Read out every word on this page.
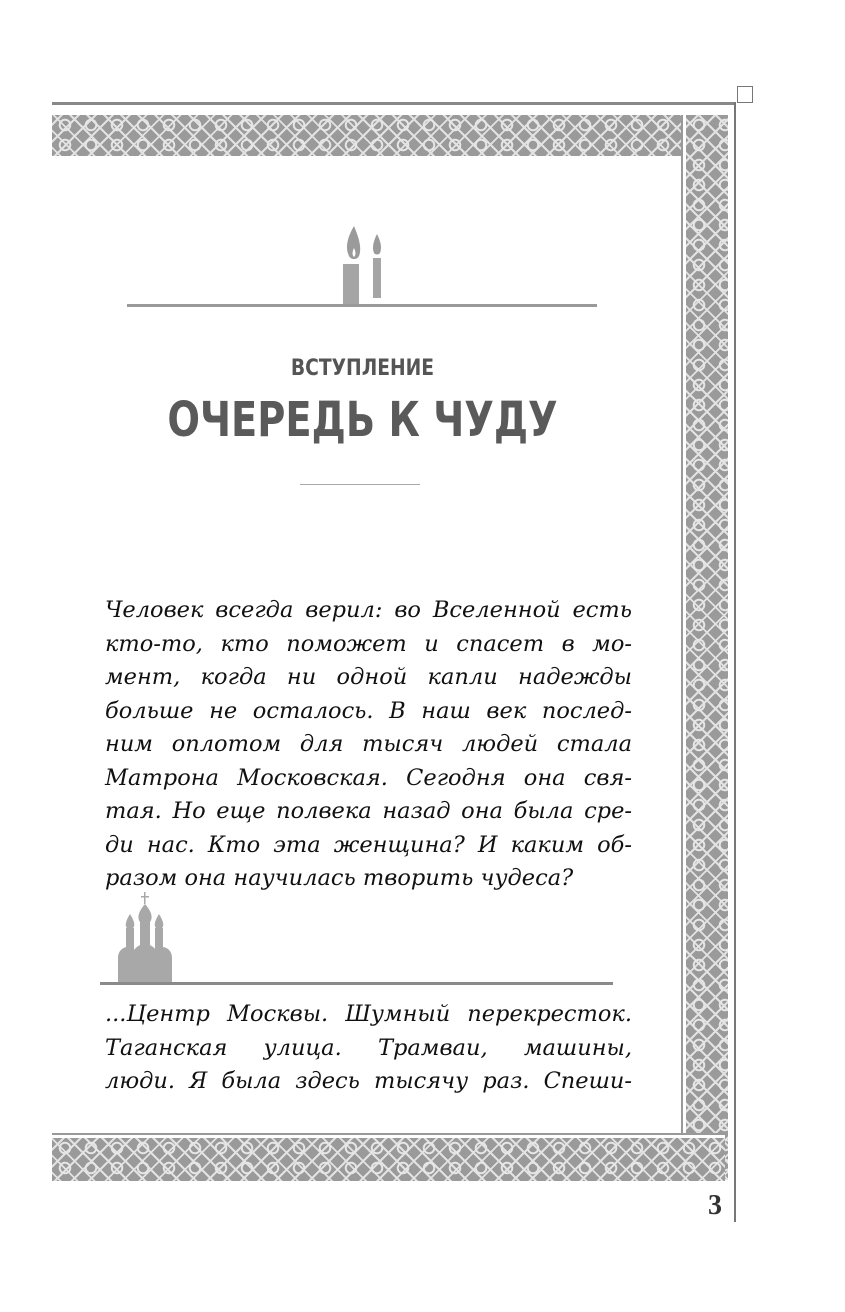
ВСТУПЛЕНИЕ
ОЧЕРЕДЬ К ЧУДУ
Человек всегда верил: во Вселенной есть
кто-то, кто поможет и спасет в мо-
мент, когда ни одной капли надежды
больше не осталось. В наш век послед-
ним оплотом для тысяч людей стала
Матрона Московская. Сегодня она свя-
тая. Но еще полвека назад она была сре-
ди нас. Кто эта женщина? И каким об-
разом она научилась творить чудеса?
...Центр Москвы. Шумный перекресток.
Таганская улица. Трамваи, машины,
люди. Я была здесь тысячу раз. Спеши-
3
